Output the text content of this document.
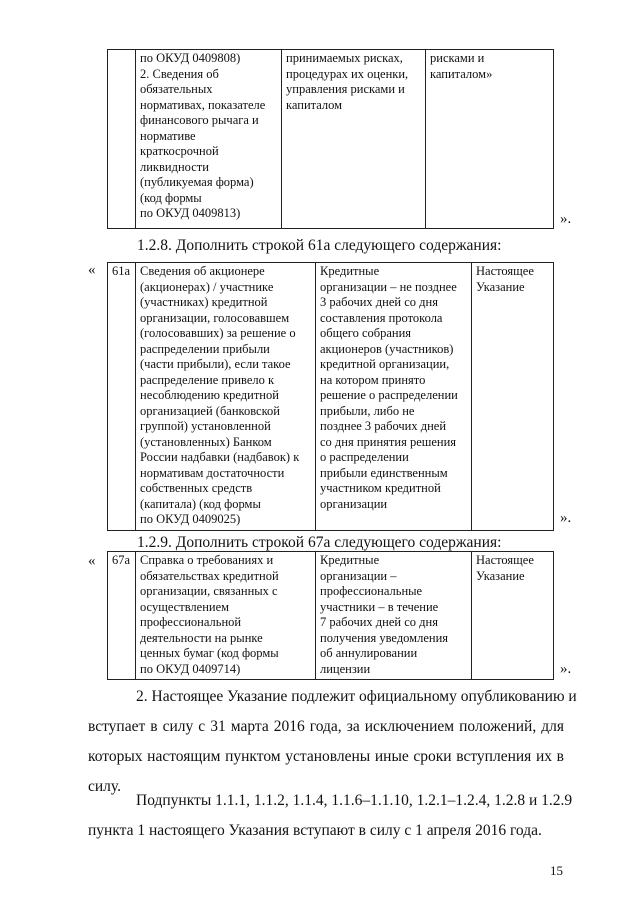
	по ОКУД 0409808)
2. Сведения об
обязательных
нормативах, показателе
финансового рычага и
нормативе
краткосрочной
ликвидности
(публикуемая форма)
(код формы
по ОКУД 0409813)	принимаемых рисках,
процедурах их оценки,
управления рисками и
капиталом	рисками и
капиталом»
».
1.2.8. Дополнить строкой 61а следующего содержания:
« 61а	Сведения об акционере
(акционерах) / участнике
(участниках) кредитной
организации, голосовавшем
(голосовавших) за решение о
распределении прибыли
(части прибыли), если такое
распределение привело к
несоблюдению кредитной
организацией (банковской
группой) установленной
(установленных) Банком
России надбавки (надбавок) к
нормативам достаточности
собственных средств
(капитала) (код формы
по ОКУД 0409025)	Кредитные
организации – не позднее
3 рабочих дней со дня
составления протокола
общего собрания
акционеров (участников)
кредитной организации,
на котором принято
решение о распределении
прибыли, либо не
позднее 3 рабочих дней
со дня принятия решения
о распределении
прибыли единственным
участником кредитной
организации	Настоящее
Указание
».
1.2.9. Дополнить строкой 67а следующего содержания:
« 67а	Справка о требованиях и
обязательствах кредитной
организации, связанных с
осуществлением
профессиональной
деятельности на рынке
ценных бумаг (код формы
по ОКУД 0409714)	Кредитные
организации –
профессиональные
участники – в течение
7 рабочих дней со дня
получения уведомления
об аннулировании
лицензии	Настоящее
Указание
».
2. Настоящее Указание подлежит официальному опубликованию и
вступает в силу с 31 марта 2016 года, за исключением положений, для
которых настоящим пунктом установлены иные сроки вступления их в
силу.
Подпункты 1.1.1, 1.1.2, 1.1.4, 1.1.6–1.1.10, 1.2.1–1.2.4, 1.2.8 и 1.2.9
пункта 1 настоящего Указания вступают в силу с 1 апреля 2016 года.
15
